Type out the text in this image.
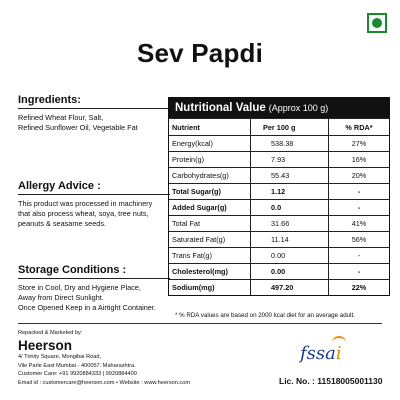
Sev Papdi
Ingredients:
Refined Wheat Flour, Salt,
Refined Sunflower Oil, Vegetable Fat
Allergy Advice :
This product was processed in machinery
that also process wheat, soya, tree nuts,
peanuts & seasame seeds.
Storage Conditions :
Store in Cool, Dry and Hygiene Place,
Away from Direct Sunlight.
Once Opened Keep in a Airtight Container.
Nutritional Value (Approx 100 g)
Nutrient	Per 100 g	% RDA*
Energy(kcal)	538.38	27%
Protein(g)	7.93	16%
Carbohydrates(g)	55.43	20%
Total Sugar(g)	1.12	-
Added Sugar(g)	0.0	-
Total Fat	31.66	41%
Saturated Fat(g)	11.14	56%
Trans Fat(g)	0.00	-
Cholesterol(mg)	0.00	-
Sodium(mg)	497.20	22%
* % RDA values are based on 2000 kcal diet for an average adult.
Repacked & Marketed by:
Heerson
4/ Trinity Square, Mongibai Road,
Vile Parle East Mumbai - 400057. Maharashtra.
Customer Care: +91 9920884333 | 9920884400
Email id : customercare@heerson.com • Website : www.heerson.com
fssai
Lic. No. : 11518005001130
